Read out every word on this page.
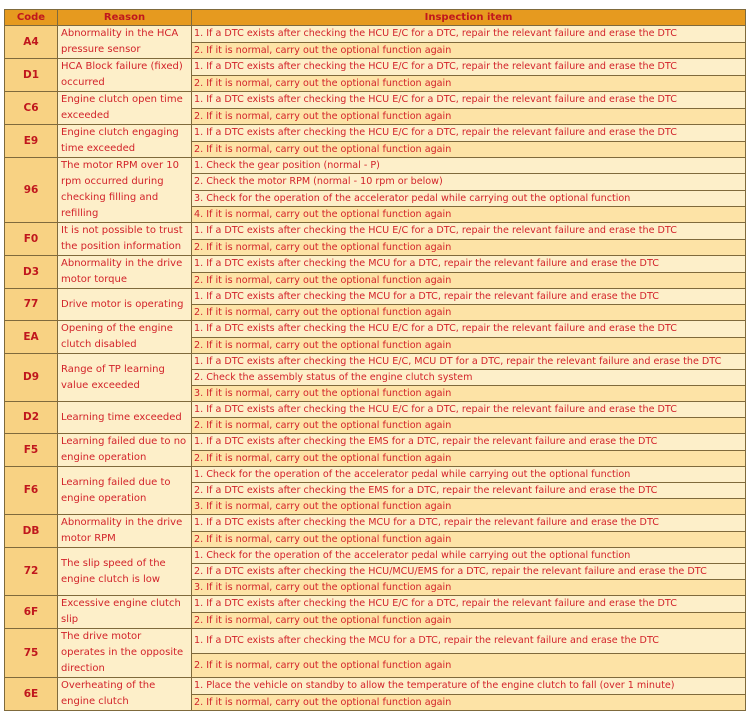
Code	Reason	Inspection item
A4	Abnormality in the HCA pressure sensor	1. If a DTC exists after checking the HCU E/C for a DTC, repair the relevant failure and erase the DTC
		2. If it is normal, carry out the optional function again
D1	HCA Block failure (fixed) occurred	1. If a DTC exists after checking the HCU E/C for a DTC, repair the relevant failure and erase the DTC
		2. If it is normal, carry out the optional function again
C6	Engine clutch open time exceeded	1. If a DTC exists after checking the HCU E/C for a DTC, repair the relevant failure and erase the DTC
		2. If it is normal, carry out the optional function again
E9	Engine clutch engaging time exceeded	1. If a DTC exists after checking the HCU E/C for a DTC, repair the relevant failure and erase the DTC
		2. If it is normal, carry out the optional function again
96	The motor RPM over 10 rpm occurred during checking filling and refilling	1. Check the gear position (normal - P)
		2. Check the motor RPM (normal - 10 rpm or below)
		3. Check for the operation of the accelerator pedal while carrying out the optional function
		4. If it is normal, carry out the optional function again
F0	It is not possible to trust the position information	1. If a DTC exists after checking the HCU E/C for a DTC, repair the relevant failure and erase the DTC
		2. If it is normal, carry out the optional function again
D3	Abnormality in the drive motor torque	1. If a DTC exists after checking the MCU for a DTC, repair the relevant failure and erase the DTC
		2. If it is normal, carry out the optional function again
77	Drive motor is operating	1. If a DTC exists after checking the MCU for a DTC, repair the relevant failure and erase the DTC
		2. If it is normal, carry out the optional function again
EA	Opening of the engine clutch disabled	1. If a DTC exists after checking the HCU E/C for a DTC, repair the relevant failure and erase the DTC
		2. If it is normal, carry out the optional function again
D9	Range of TP learning value exceeded	1. If a DTC exists after checking the HCU E/C, MCU DT for a DTC, repair the relevant failure and erase the DTC
		2. Check the assembly status of the engine clutch system
		3. If it is normal, carry out the optional function again
D2	Learning time exceeded	1. If a DTC exists after checking the HCU E/C for a DTC, repair the relevant failure and erase the DTC
		2. If it is normal, carry out the optional function again
F5	Learning failed due to no engine operation	1. If a DTC exists after checking the EMS for a DTC, repair the relevant failure and erase the DTC
		2. If it is normal, carry out the optional function again
F6	Learning failed due to engine operation	1. Check for the operation of the accelerator pedal while carrying out the optional function
		2. If a DTC exists after checking the EMS for a DTC, repair the relevant failure and erase the DTC
		3. If it is normal, carry out the optional function again
DB	Abnormality in the drive motor RPM	1. If a DTC exists after checking the MCU for a DTC, repair the relevant failure and erase the DTC
		2. If it is normal, carry out the optional function again
72	The slip speed of the engine clutch is low	1. Check for the operation of the accelerator pedal while carrying out the optional function
		2. If a DTC exists after checking the HCU/MCU/EMS for a DTC, repair the relevant failure and erase the DTC
		3. If it is normal, carry out the optional function again
6F	Excessive engine clutch slip	1. If a DTC exists after checking the HCU E/C for a DTC, repair the relevant failure and erase the DTC
		2. If it is normal, carry out the optional function again
75	The drive motor operates in the opposite direction	1. If a DTC exists after checking the MCU for a DTC, repair the relevant failure and erase the DTC
		2. If it is normal, carry out the optional function again
6E	Overheating of the engine clutch	1. Place the vehicle on standby to allow the temperature of the engine clutch to fall (over 1 minute)
		2. If it is normal, carry out the optional function again
